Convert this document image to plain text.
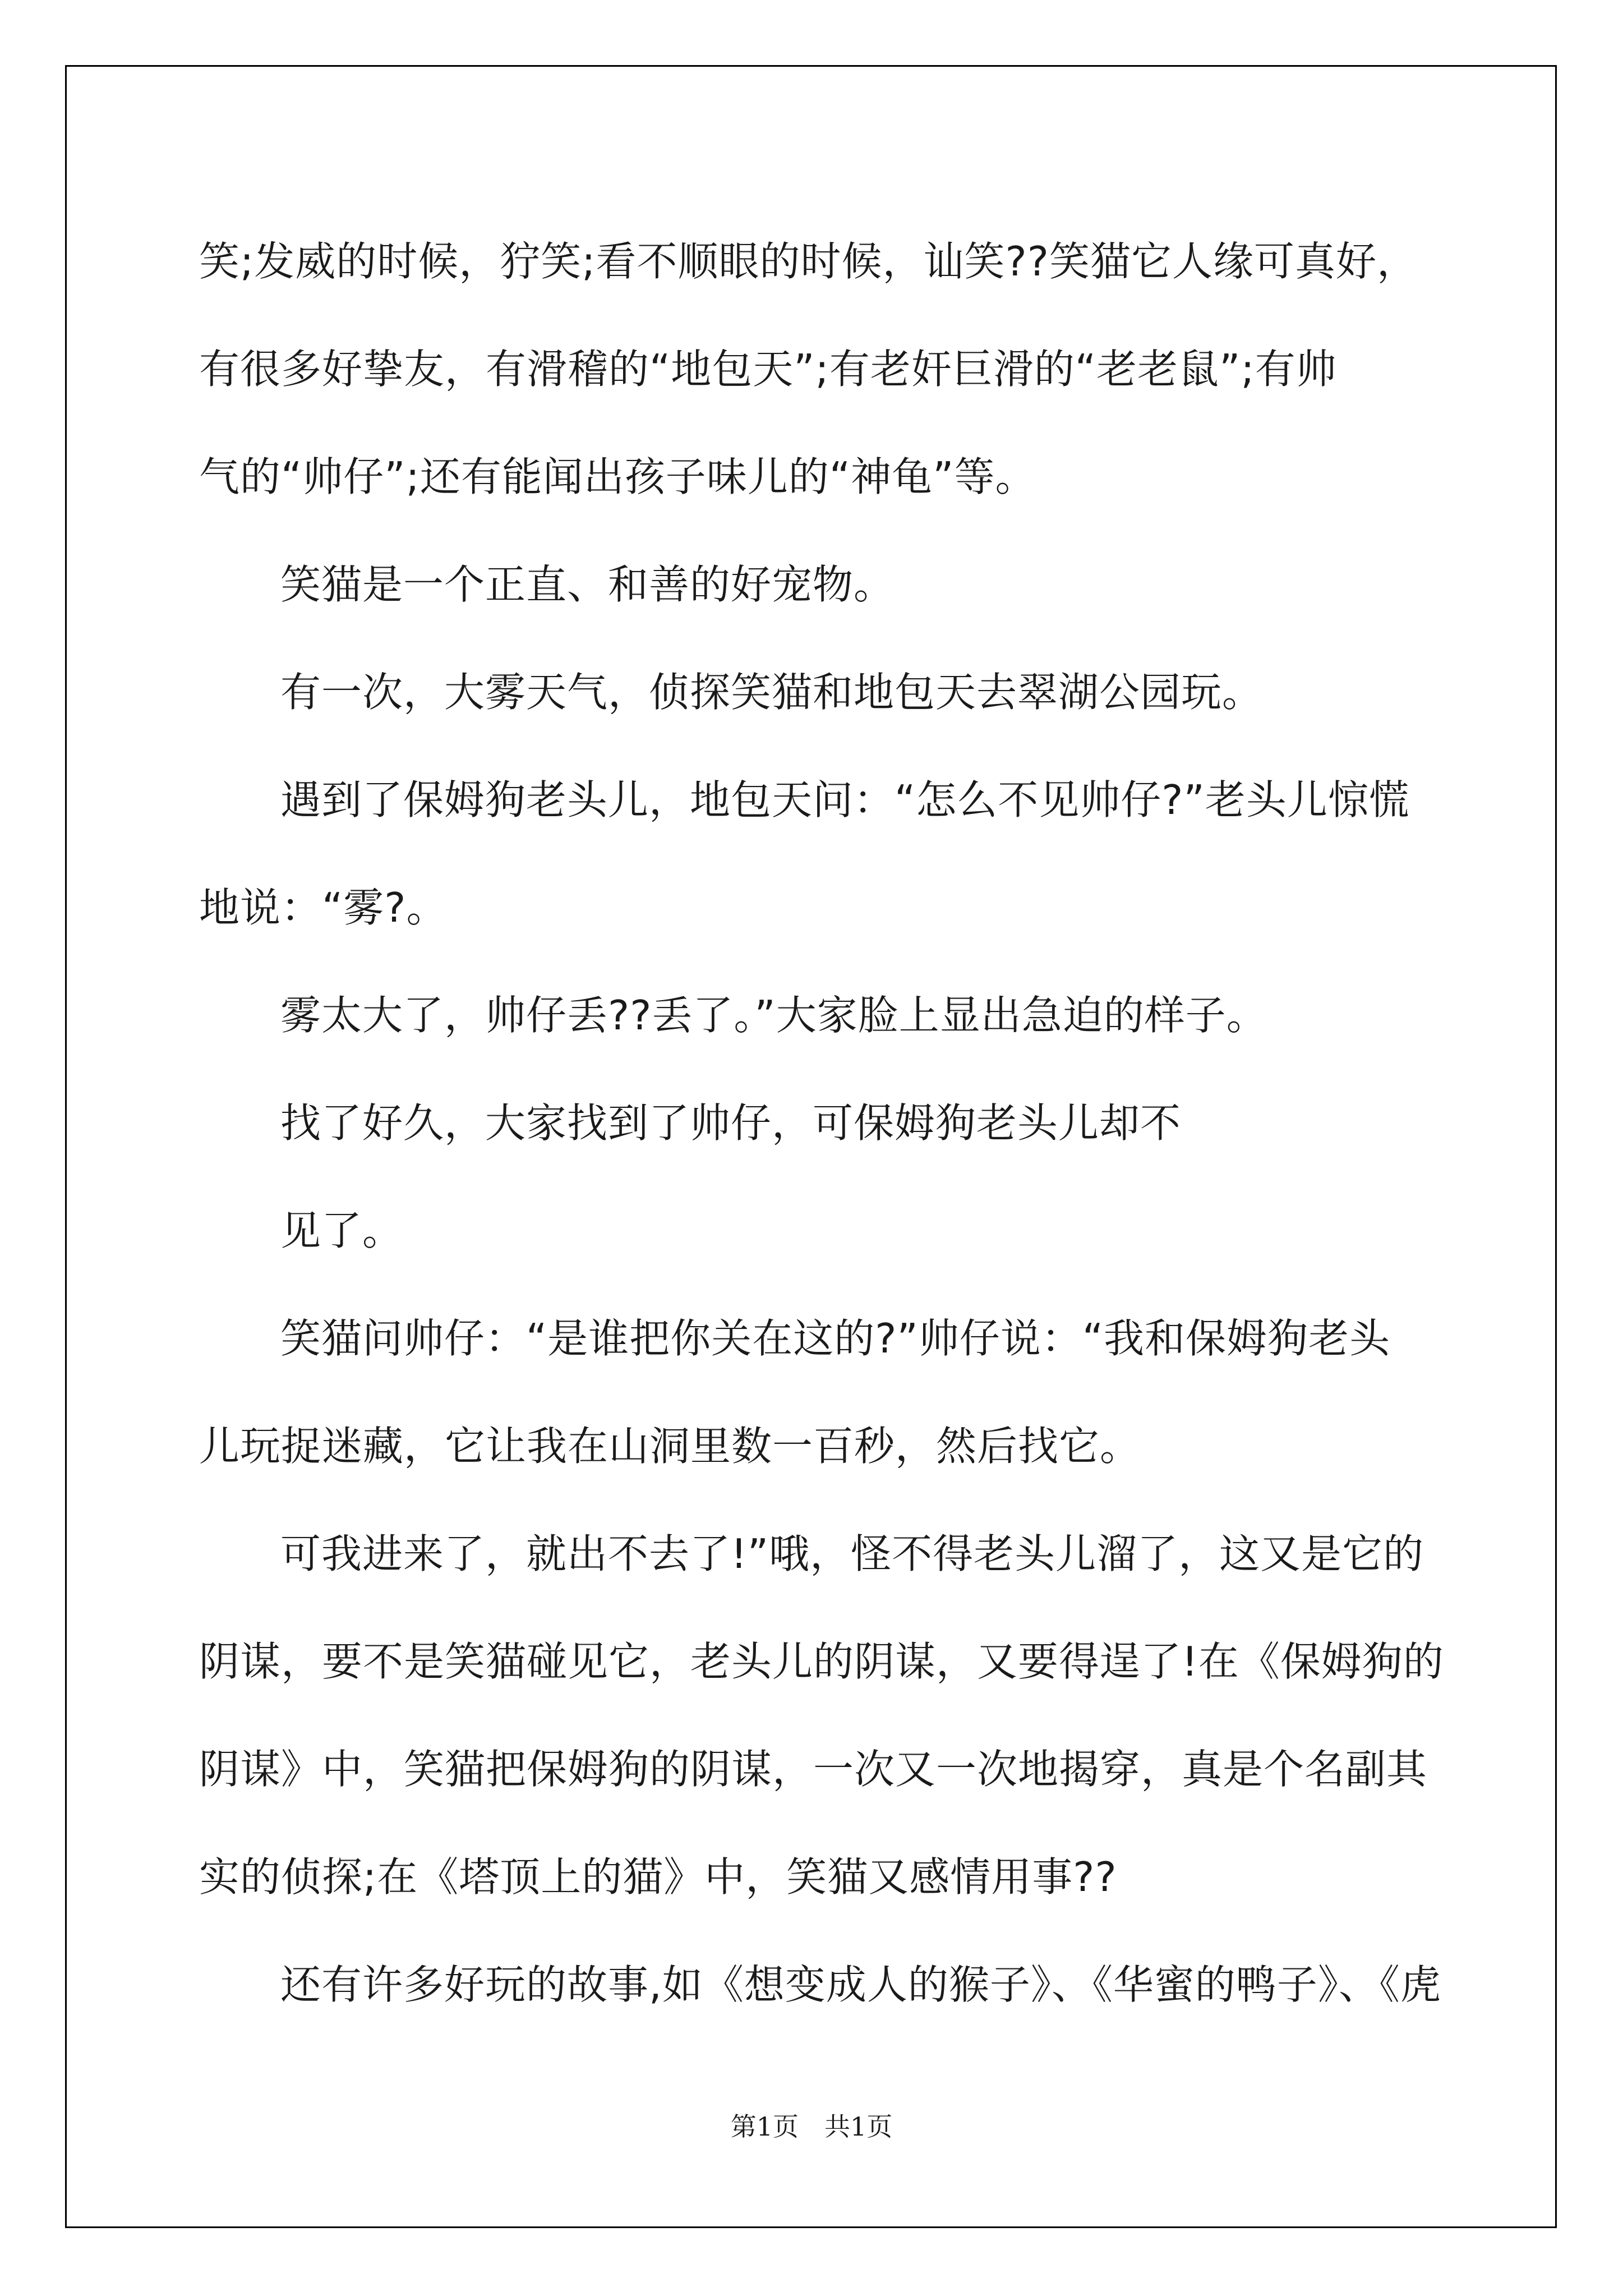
笑;发威的时候，狞笑;看不顺眼的时候，讪笑??笑猫它人缘可真好，

有很多好挚友，有滑稽的“地包天”;有老奸巨滑的“老老鼠”;有帅

气的“帅仔”;还有能闻出孩子味儿的“神龟”等。

笑猫是一个正直、和善的好宠物。

有一次，大雾天气，侦探笑猫和地包天去翠湖公园玩。

遇到了保姆狗老头儿，地包天问：“怎么不见帅仔?”老头儿惊慌

地说：“雾?。

雾太大了，帅仔丢??丢了。”大家脸上显出急迫的样子。

找了好久，大家找到了帅仔，可保姆狗老头儿却不

见了。

笑猫问帅仔：“是谁把你关在这的?”帅仔说：“我和保姆狗老头

儿玩捉迷藏，它让我在山洞里数一百秒，然后找它。

可我进来了，就出不去了!”哦，怪不得老头儿溜了，这又是它的

阴谋，要不是笑猫碰见它，老头儿的阴谋，又要得逞了!在《保姆狗的

阴谋》中，笑猫把保姆狗的阴谋，一次又一次地揭穿，真是个名副其

实的侦探;在《塔顶上的猫》中，笑猫又感情用事??

还有许多好玩的故事,如《想变成人的猴子》、《华蜜的鸭子》、《虎

第1页　共1页
